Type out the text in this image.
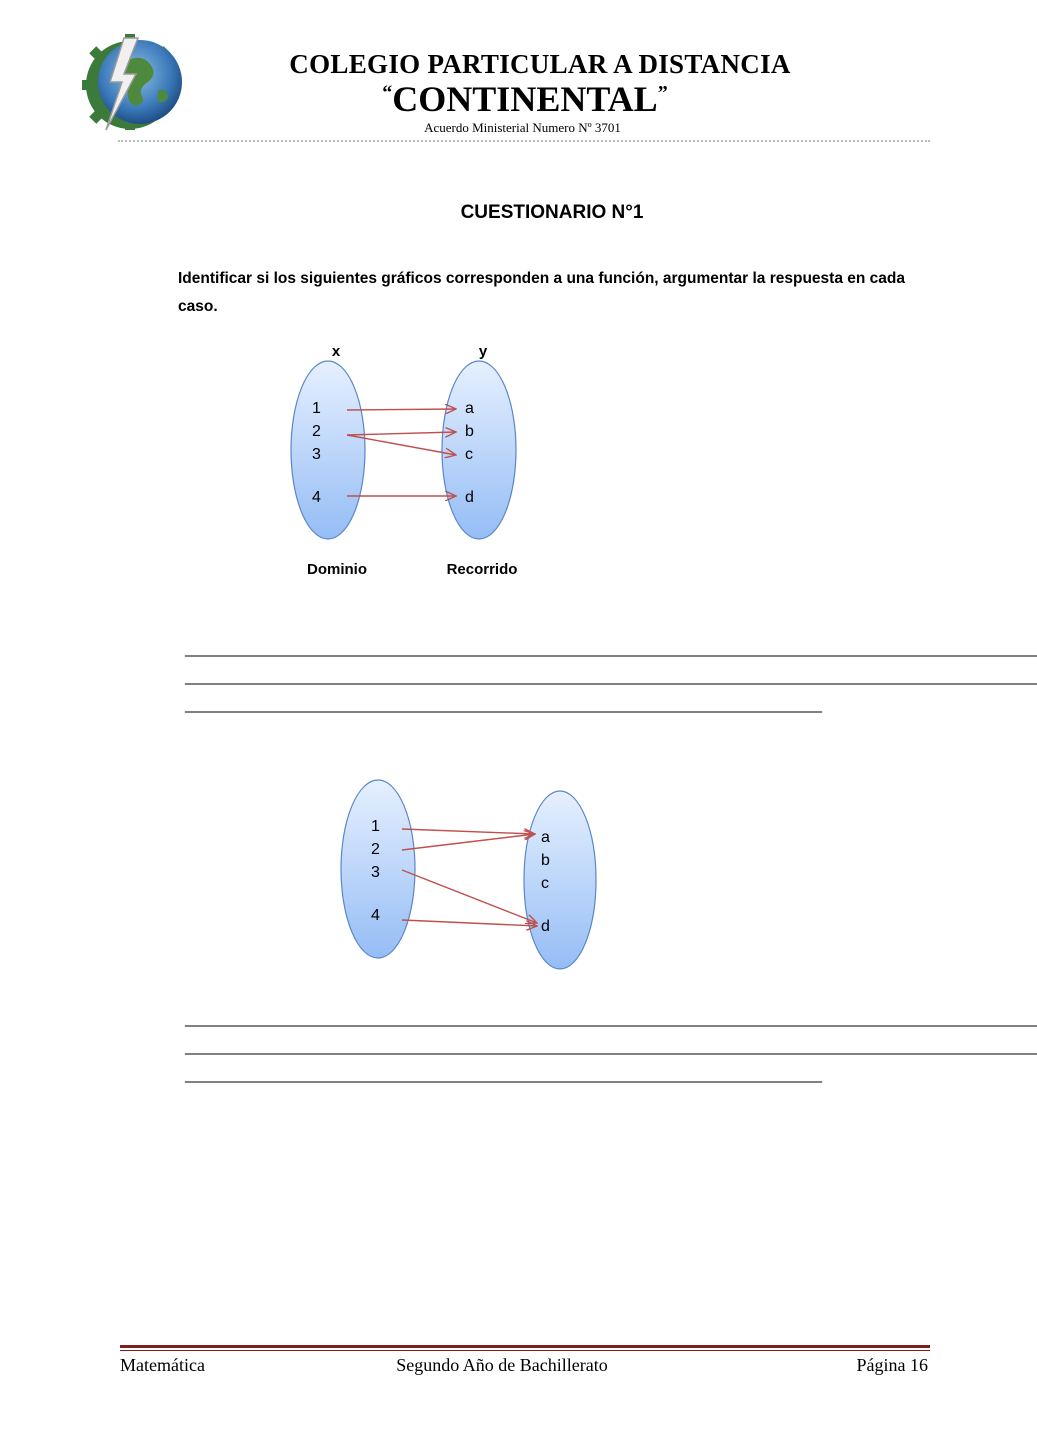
COLEGIO PARTICULAR A DISTANCIA
“CONTINENTAL”
Acuerdo Ministerial Numero Nº 3701
CUESTIONARIO N°1
Identificar si los siguientes gráficos corresponden a una función, argumentar la respuesta en cada caso.
x	y
1
2
3
4
a
b
c
d
Dominio	Recorrido
______________________________________________________________________________________________________________________________________________
______________________________________________________________________________________________________________________________________________
__________________________________________________________________________________________________________
1
2
3
4
a
b
c
d
______________________________________________________________________________________________________________________________________________
______________________________________________________________________________________________________________________________________________
__________________________________________________________________________________________________________
Matemática	Segundo Año de Bachillerato	Página 16
